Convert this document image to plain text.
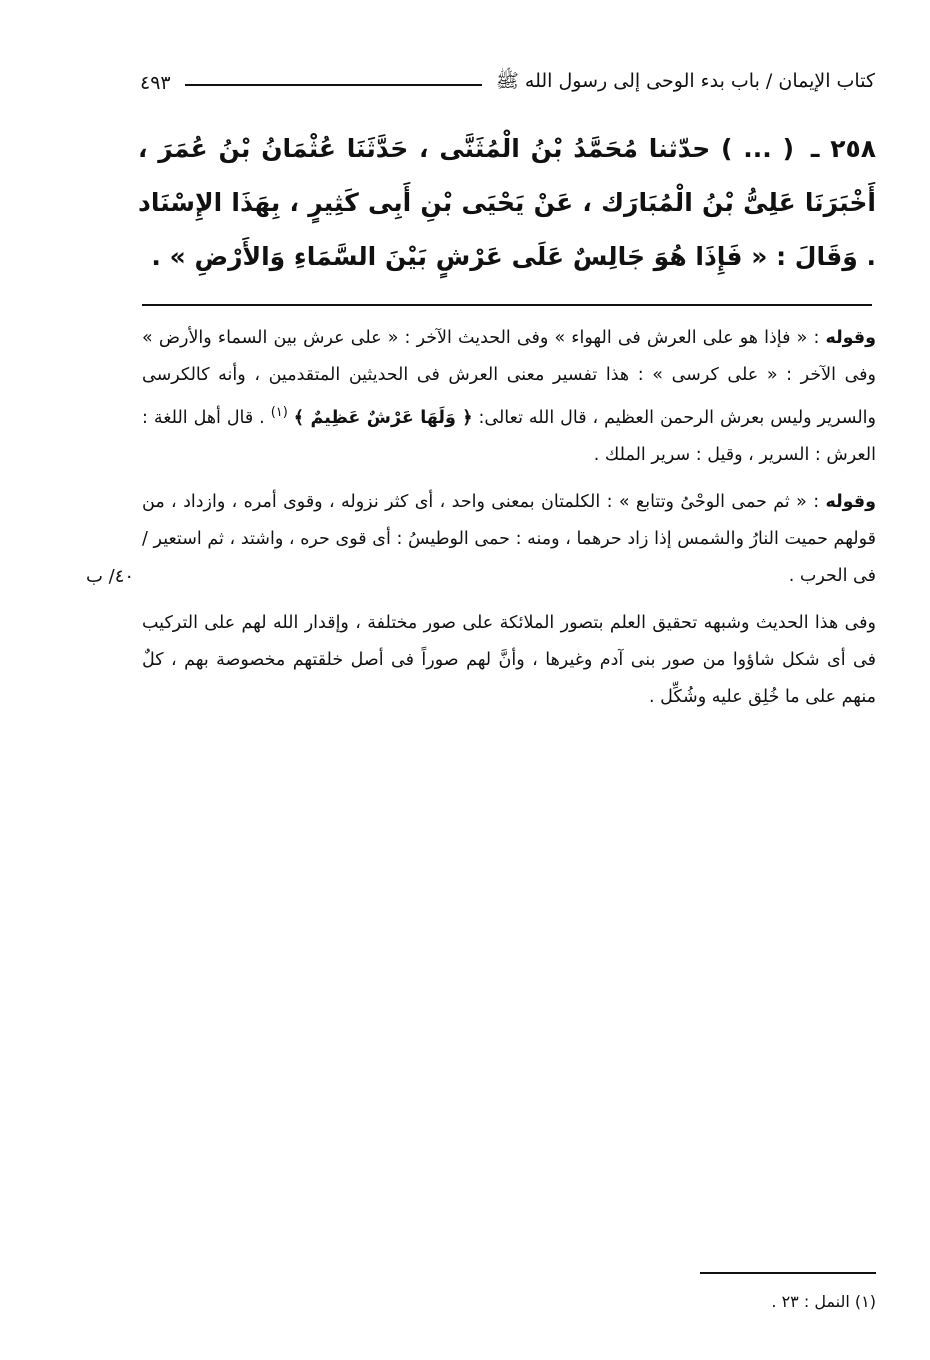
كتاب الإيمان / باب بدء الوحى إلى رسول الله ﷺ
٤٩٣
٢٥٨ ـ ( ... ) حدّثنا مُحَمَّدُ بْنُ الْمُثَنَّى ، حَدَّثَنَا عُثْمَانُ بْنُ عُمَرَ ، أَخْبَرَنَا عَلِىُّ بْنُ الْمُبَارَك ، عَنْ يَحْيَى بْنِ أَبِى كَثِيرٍ ، بِهَذَا الإِسْنَاد . وَقَالَ : « فَإِذَا هُوَ جَالِسٌ عَلَى عَرْشٍ بَيْنَ السَّمَاءِ وَالأَرْضِ » .

وقوله : « فإذا هو على العرش فى الهواء » وفى الحديث الآخر : « على عرش بين السماء والأرض » وفى الآخر : « على كرسى » : هذا تفسير معنى العرش فى الحديثين المتقدمين ، وأنه كالكرسى والسرير وليس بعرش الرحمن العظيم ، قال الله تعالى: ﴿ وَلَهَا عَرْشٌ عَظِيمٌ ﴾ $^{(١)}$ . قال أهل اللغة : العرش : السرير ، وقيل : سرير الملك .

وقوله : « ثم حمى الوحْىُ وتتابع » : الكلمتان بمعنى واحد ، أى كثر نزوله ، وقوى أمره ، وازداد ، من قولهم حميت النارُ والشمس إذا زاد حرهما ، ومنه : حمى الوطيسُ : أى قوى حره ، واشتد ، ثم استعير / فى الحرب .

وفى هذا الحديث وشبهه تحقيق العلم بتصور الملائكة على صور مختلفة ، وإقدار الله لهم على التركيب فى أى شكل شاؤوا من صور بنى آدم وغيرها ، وأنَّ لهم صوراً فى أصل خلقتهم مخصوصة بهم ، كلٌ منهم على ما خُلِق عليه وشُكِّل .

٤٠/ ب
(١) النمل : ٢٣ .
